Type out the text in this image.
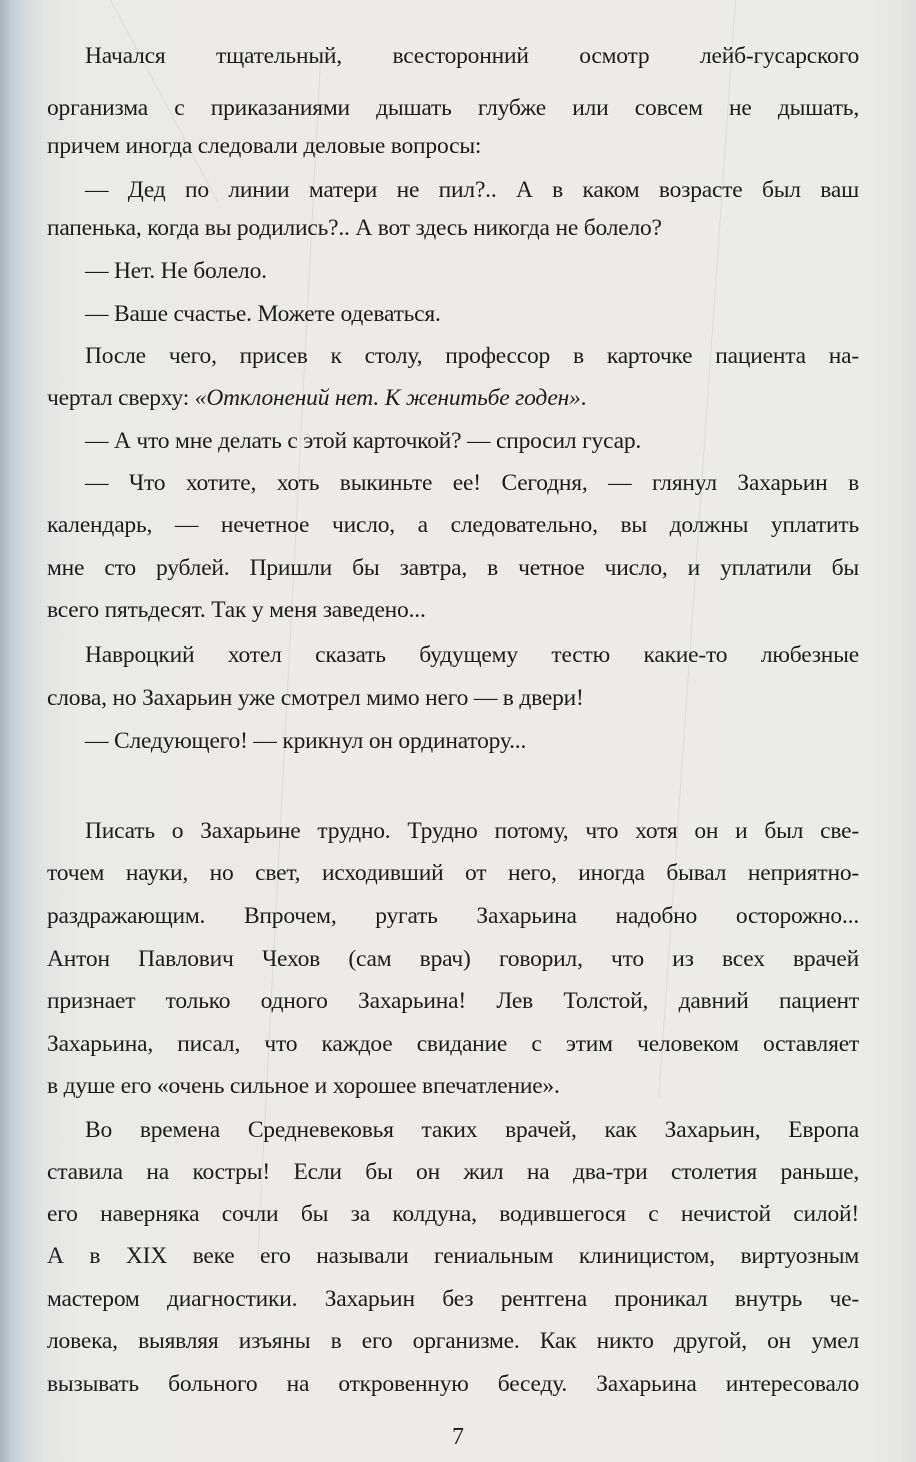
Начался тщательный, всесторонний осмотр лейб-гусарского
организма с приказаниями дышать глубже или совсем не дышать,
причем иногда следовали деловые вопросы:
— Дед по линии матери не пил?.. А в каком возрасте был ваш
папенька, когда вы родились?.. А вот здесь никогда не болело?
— Нет. Не болело.
— Ваше счастье. Можете одеваться.
После чего, присев к столу, профессор в карточке пациента на-
чертал сверху: «Отклонений нет. К женитьбе годен».
— А что мне делать с этой карточкой? — спросил гусар.
— Что хотите, хоть выкиньте ее! Сегодня, — глянул Захарьин в
календарь, — нечетное число, а следовательно, вы должны уплатить
мне сто рублей. Пришли бы завтра, в четное число, и уплатили бы
всего пятьдесят. Так у меня заведено...
Навроцкий хотел сказать будущему тестю какие-то любезные
слова, но Захарьин уже смотрел мимо него — в двери!
— Следующего! — крикнул он ординатору...
Писать о Захарьине трудно. Трудно потому, что хотя он и был све-
точем науки, но свет, исходивший от него, иногда бывал неприятно-
раздражающим. Впрочем, ругать Захарьина надобно осторожно...
Антон Павлович Чехов (сам врач) говорил, что из всех врачей
признает только одного Захарьина! Лев Толстой, давний пациент
Захарьина, писал, что каждое свидание с этим человеком оставляет
в душе его «очень сильное и хорошее впечатление».
Во времена Средневековья таких врачей, как Захарьин, Европа
ставила на костры! Если бы он жил на два-три столетия раньше,
его наверняка сочли бы за колдуна, водившегося с нечистой силой!
А в XIX веке его называли гениальным клиницистом, виртуозным
мастером диагностики. Захарьин без рентгена проникал внутрь че-
ловека, выявляя изъяны в его организме. Как никто другой, он умел
вызывать больного на откровенную беседу. Захарьина интересовало
7
